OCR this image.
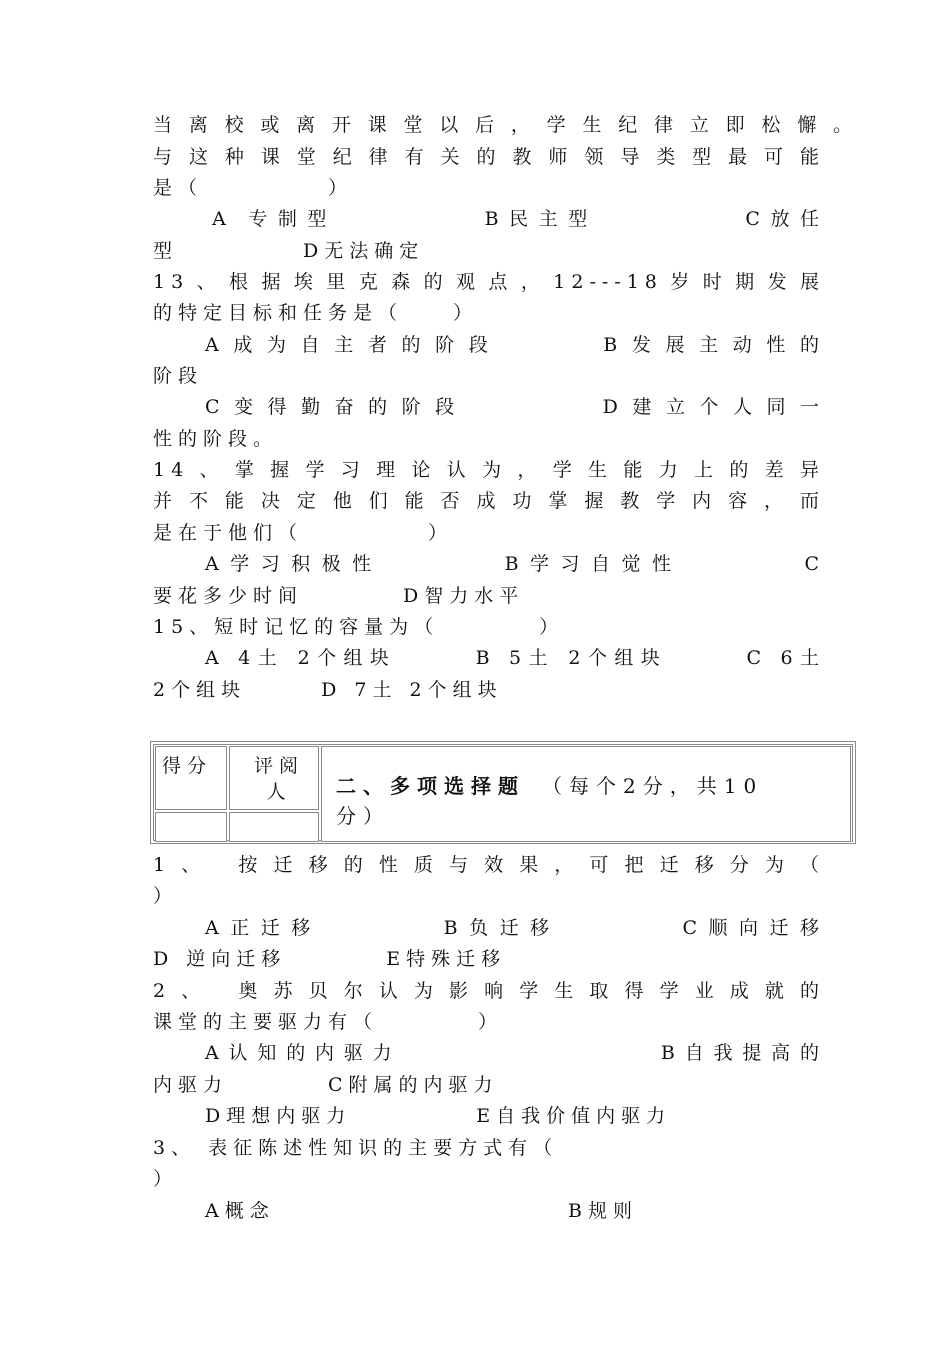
当离校或离开课堂以后，学生纪律立即松懈。
与这种课堂纪律有关的教师领导类型最可能
是（　　　　　）
　　A 专制型　　　　　B民主型　　　　　C放任
型　　　　　D无法确定
13、根据埃里克森的观点，12---18岁时期发展
的特定目标和任务是（　　）
A成为自主者的阶段　　　B发展主动性的
阶段
C变得勤奋的阶段　　　　D建立个人同一
性的阶段。
14、掌握学习理论认为，学生能力上的差异
并不能决定他们能否成功掌握教学内容，而
是在于他们（　　　　　）
A学习积极性　　　　B学习自觉性　　　　C
要花多少时间　　　　D智力水平
15、短时记忆的容量为（　　　　）
A 4土 2个组块　　　B 5土 2个组块　　　C 6土
2个组块　　　D 7土 2个组块
得分	评阅
人	二、多项选择题　 （每个2分，共10
分）
1、 按迁移的性质与效果，可把迁移分为（
）
A正迁移　　　　B负迁移　　　　C顺向迁移
D 逆向迁移　　　　E特殊迁移
2、 奥苏贝尔认为影响学生取得学业成就的
课堂的主要驱力有（　　　　）
A认知的内驱力　　　　　　　　　B自我提高的
内驱力　　　　C附属的内驱力
D理想内驱力　　　　　E自我价值内驱力
3、 表征陈述性知识的主要方式有（
）
A概念	B规则
